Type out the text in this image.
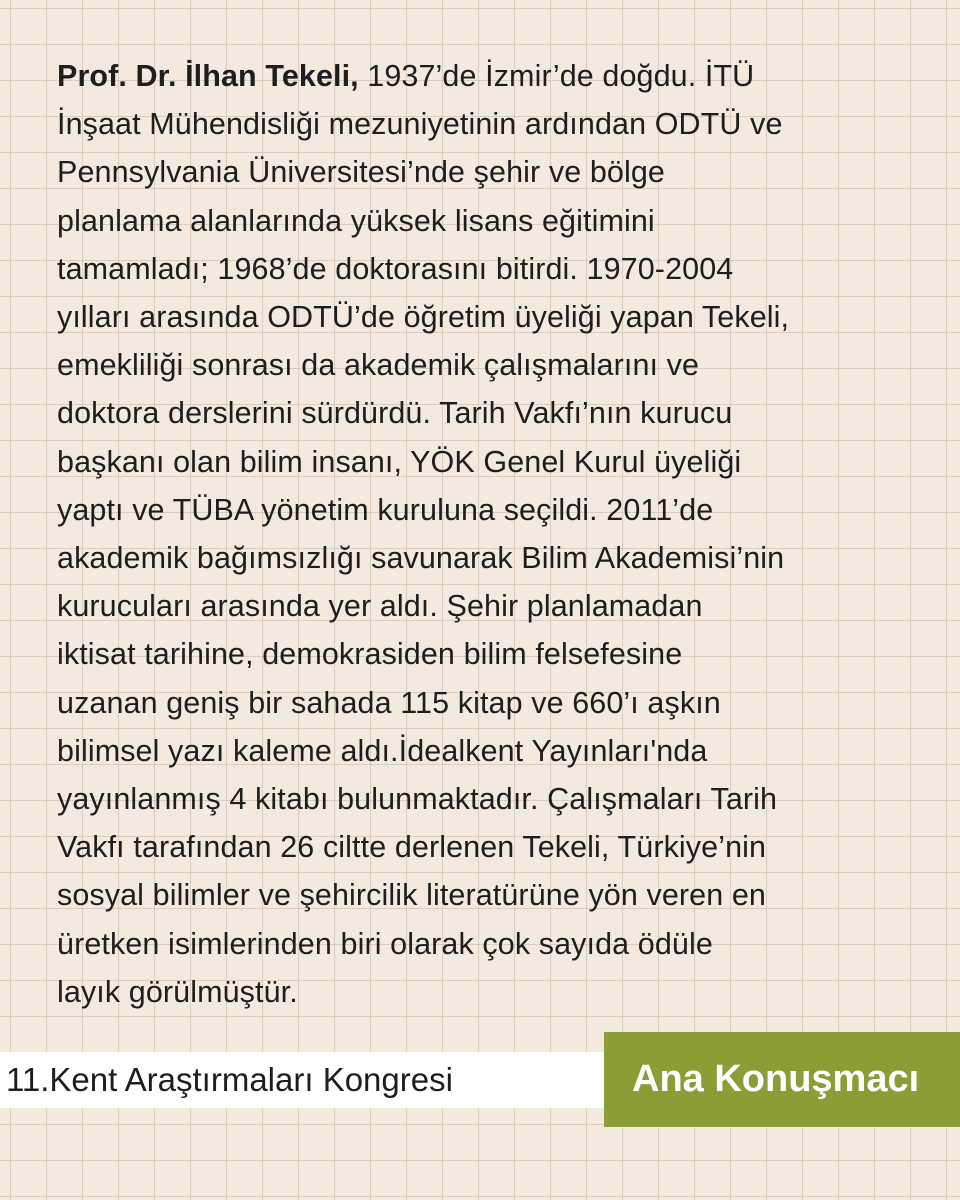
Prof. Dr. İlhan Tekeli, 1937’de İzmir’de doğdu. İTÜ
İnşaat Mühendisliği mezuniyetinin ardından ODTÜ ve
Pennsylvania Üniversitesi’nde şehir ve bölge
planlama alanlarında yüksek lisans eğitimini
tamamladı; 1968’de doktorasını bitirdi. 1970-2004
yılları arasında ODTÜ’de öğretim üyeliği yapan Tekeli,
emekliliği sonrası da akademik çalışmalarını ve
doktora derslerini sürdürdü. Tarih Vakfı’nın kurucu
başkanı olan bilim insanı, YÖK Genel Kurul üyeliği
yaptı ve TÜBA yönetim kuruluna seçildi. 2011’de
akademik bağımsızlığı savunarak Bilim Akademisi’nin
kurucuları arasında yer aldı. Şehir planlamadan
iktisat tarihine, demokrasiden bilim felsefesine
uzanan geniş bir sahada 115 kitap ve 660’ı aşkın
bilimsel yazı kaleme aldı.İdealkent Yayınları'nda
yayınlanmış 4 kitabı bulunmaktadır. Çalışmaları Tarih
Vakfı tarafından 26 ciltte derlenen Tekeli, Türkiye’nin
sosyal bilimler ve şehircilik literatürüne yön veren en
üretken isimlerinden biri olarak çok sayıda ödüle
layık görülmüştür.
11.Kent Araştırmaları Kongresi	Ana Konuşmacı
